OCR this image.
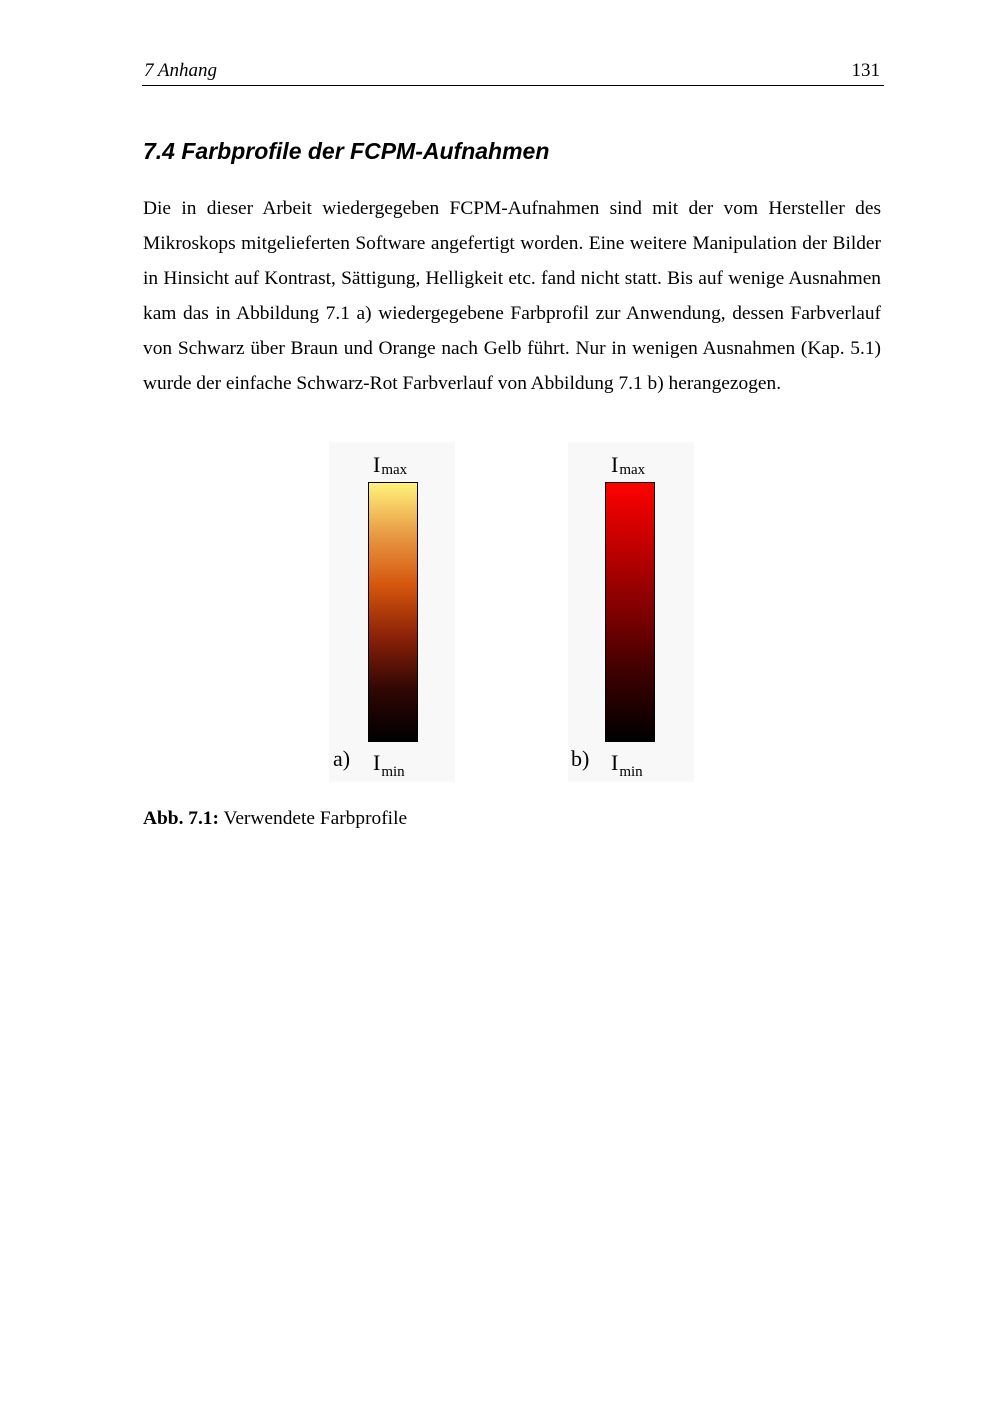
7 Anhang	131
7.4 Farbprofile der FCPM-Aufnahmen

Die in dieser Arbeit wiedergegeben FCPM-Aufnahmen sind mit der vom Hersteller des Mikroskops mitgelieferten Software angefertigt worden. Eine weitere Manipulation der Bilder in Hinsicht auf Kontrast, Sättigung, Helligkeit etc. fand nicht statt. Bis auf wenige Ausnahmen kam das in Abbildung 7.1 a) wiedergegebene Farbprofil zur Anwendung, dessen Farbverlauf von Schwarz über Braun und Orange nach Gelb führt. Nur in wenigen Ausnahmen (Kap. 5.1) wurde der einfache Schwarz-Rot Farbverlauf von Abbildung 7.1 b) herangezogen.

Imax
a) $I_{min}$
Imax
b) $I_{min}$

Abb. 7.1: Verwendete Farbprofile
